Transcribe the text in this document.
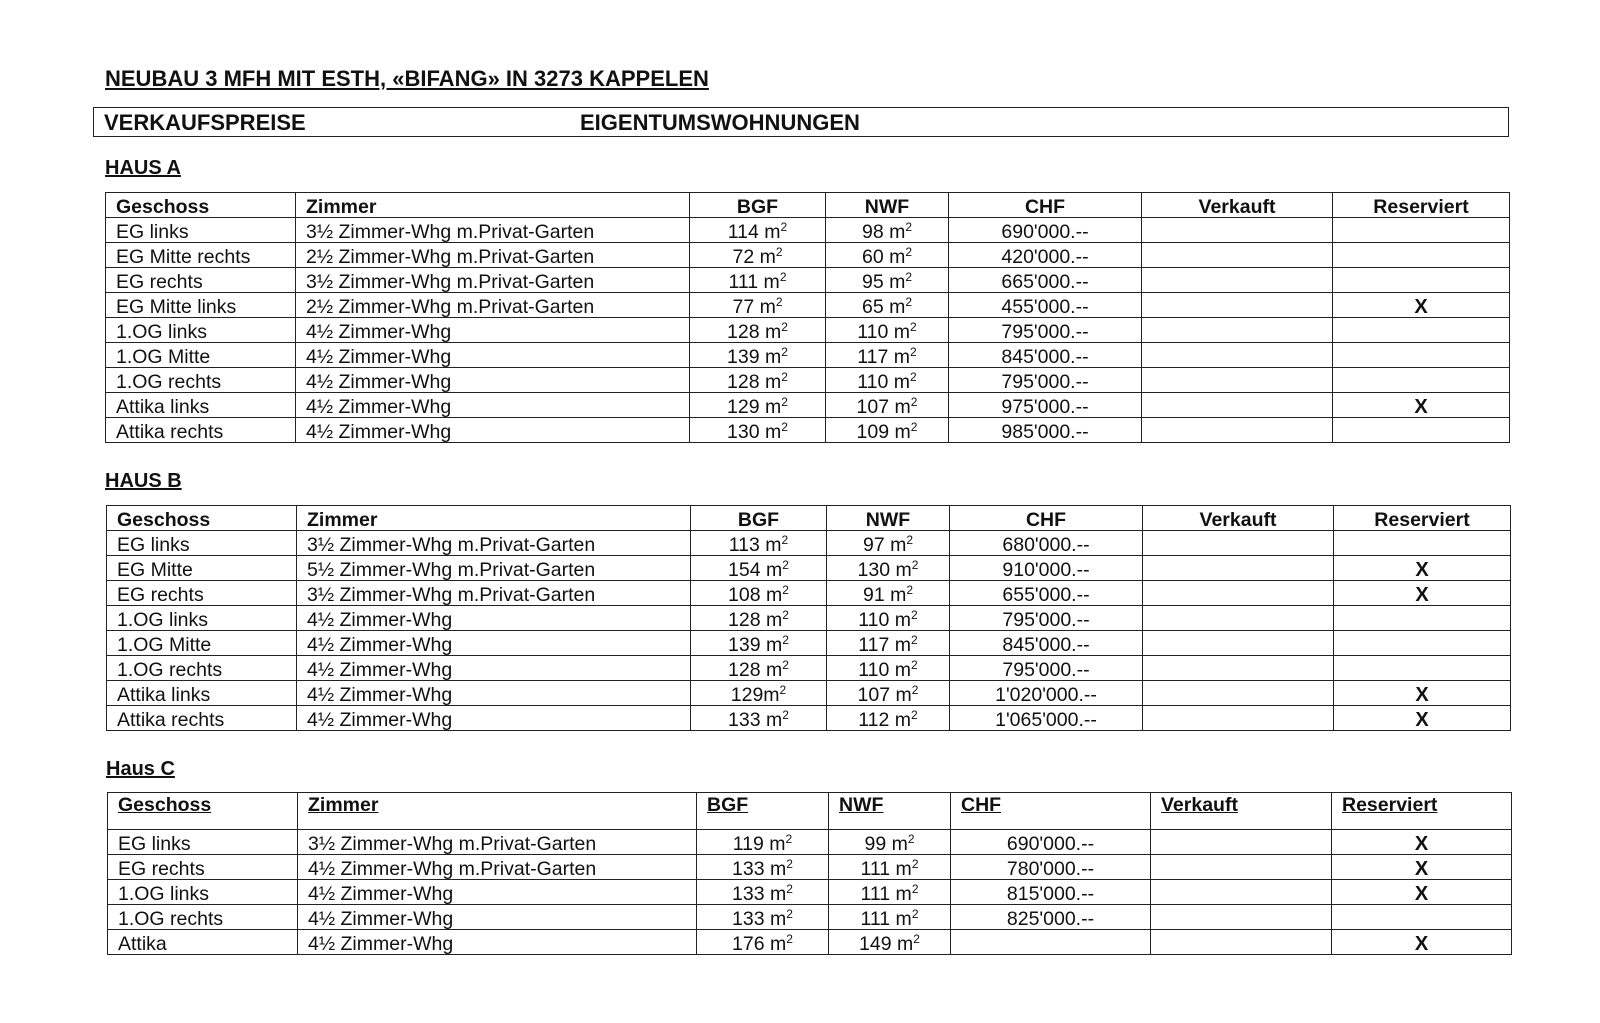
NEUBAU 3 MFH MIT ESTH, «BIFANG» IN 3273 KAPPELEN
VERKAUFSPREISE	EIGENTUMSWOHNUNGEN
HAUS A
Geschoss	Zimmer	BGF	NWF	CHF	Verkauft	Reserviert
EG links	3½ Zimmer-Whg m.Privat-Garten	114 $m^2$	98 $m^2$	690'000.--		
EG Mitte rechts	2½ Zimmer-Whg m.Privat-Garten	72 $m^2$	60 $m^2$	420'000.--		
EG rechts	3½ Zimmer-Whg m.Privat-Garten	111 $m^2$	95 $m^2$	665'000.--		
EG Mitte links	2½ Zimmer-Whg m.Privat-Garten	77 $m^2$	65 $m^2$	455'000.--		X
1.OG links	4½ Zimmer-Whg	128 $m^2$	110 $m^2$	795'000.--		
1.OG Mitte	4½ Zimmer-Whg	139 $m^2$	117 $m^2$	845'000.--		
1.OG rechts	4½ Zimmer-Whg	128 $m^2$	110 $m^2$	795'000.--		
Attika links	4½ Zimmer-Whg	129 $m^2$	107 $m^2$	975'000.--		X
Attika rechts	4½ Zimmer-Whg	130 $m^2$	109 $m^2$	985'000.--		
HAUS B
Geschoss	Zimmer	BGF	NWF	CHF	Verkauft	Reserviert
EG links	3½ Zimmer-Whg m.Privat-Garten	113 $m^2$	97 $m^2$	680'000.--		
EG Mitte	5½ Zimmer-Whg m.Privat-Garten	154 $m^2$	130 $m^2$	910'000.--		X
EG rechts	3½ Zimmer-Whg m.Privat-Garten	108 $m^2$	91 $m^2$	655'000.--		X
1.OG links	4½ Zimmer-Whg	128 $m^2$	110 $m^2$	795'000.--		
1.OG Mitte	4½ Zimmer-Whg	139 $m^2$	117 $m^2$	845'000.--		
1.OG rechts	4½ Zimmer-Whg	128 $m^2$	110 $m^2$	795'000.--		
Attika links	4½ Zimmer-Whg	$129m^2$	107 $m^2$	1'020'000.--		X
Attika rechts	4½ Zimmer-Whg	133 $m^2$	112 $m^2$	1'065'000.--		X
Haus C
Geschoss	Zimmer	BGF	NWF	CHF	Verkauft	Reserviert
EG links	3½ Zimmer-Whg m.Privat-Garten	119 $m^2$	99 $m^2$	690'000.--		X
EG rechts	4½ Zimmer-Whg m.Privat-Garten	133 $m^2$	111 $m^2$	780'000.--		X
1.OG links	4½ Zimmer-Whg	133 $m^2$	111 $m^2$	815'000.--		X
1.OG rechts	4½ Zimmer-Whg	133 $m^2$	111 $m^2$	825'000.--		
Attika	4½ Zimmer-Whg	176 $m^2$	149 $m^2$			X
